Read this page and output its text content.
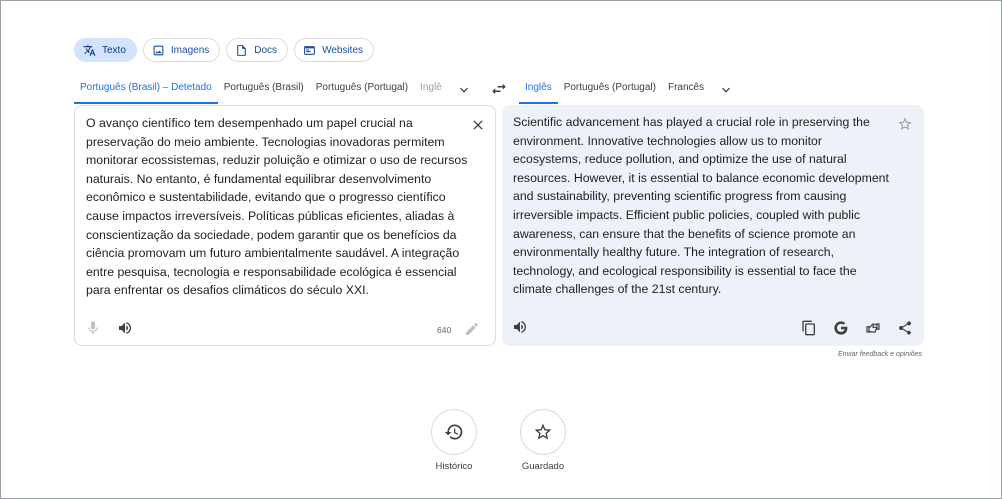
Texto	Imagens	Docs	Websites
Português (Brasil) – Detetado	Português (Brasil)	Português (Portugal)	Inglê	Inglês	Português (Portugal)	Francês
O avanço científico tem desempenhado um papel crucial na preservação do meio ambiente. Tecnologias inovadoras permitem monitorar ecossistemas, reduzir poluição e otimizar o uso de recursos naturais. No entanto, é fundamental equilibrar desenvolvimento econômico e sustentabilidade, evitando que o progresso científico cause impactos irreversíveis. Políticas públicas eficientes, aliadas à conscientização da sociedade, podem garantir que os benefícios da ciência promovam um futuro ambientalmente saudável. A integração entre pesquisa, tecnologia e responsabilidade ecológica é essencial para enfrentar os desafios climáticos do século XXI.
640
Scientific advancement has played a crucial role in preserving the environment. Innovative technologies allow us to monitor ecosystems, reduce pollution, and optimize the use of natural resources. However, it is essential to balance economic development and sustainability, preventing scientific progress from causing irreversible impacts. Efficient public policies, coupled with public awareness, can ensure that the benefits of science promote an environmentally healthy future. The integration of research, technology, and ecological responsibility is essential to face the climate challenges of the 21st century.
Enviar feedback e opiniões
Histórico	Guardado
